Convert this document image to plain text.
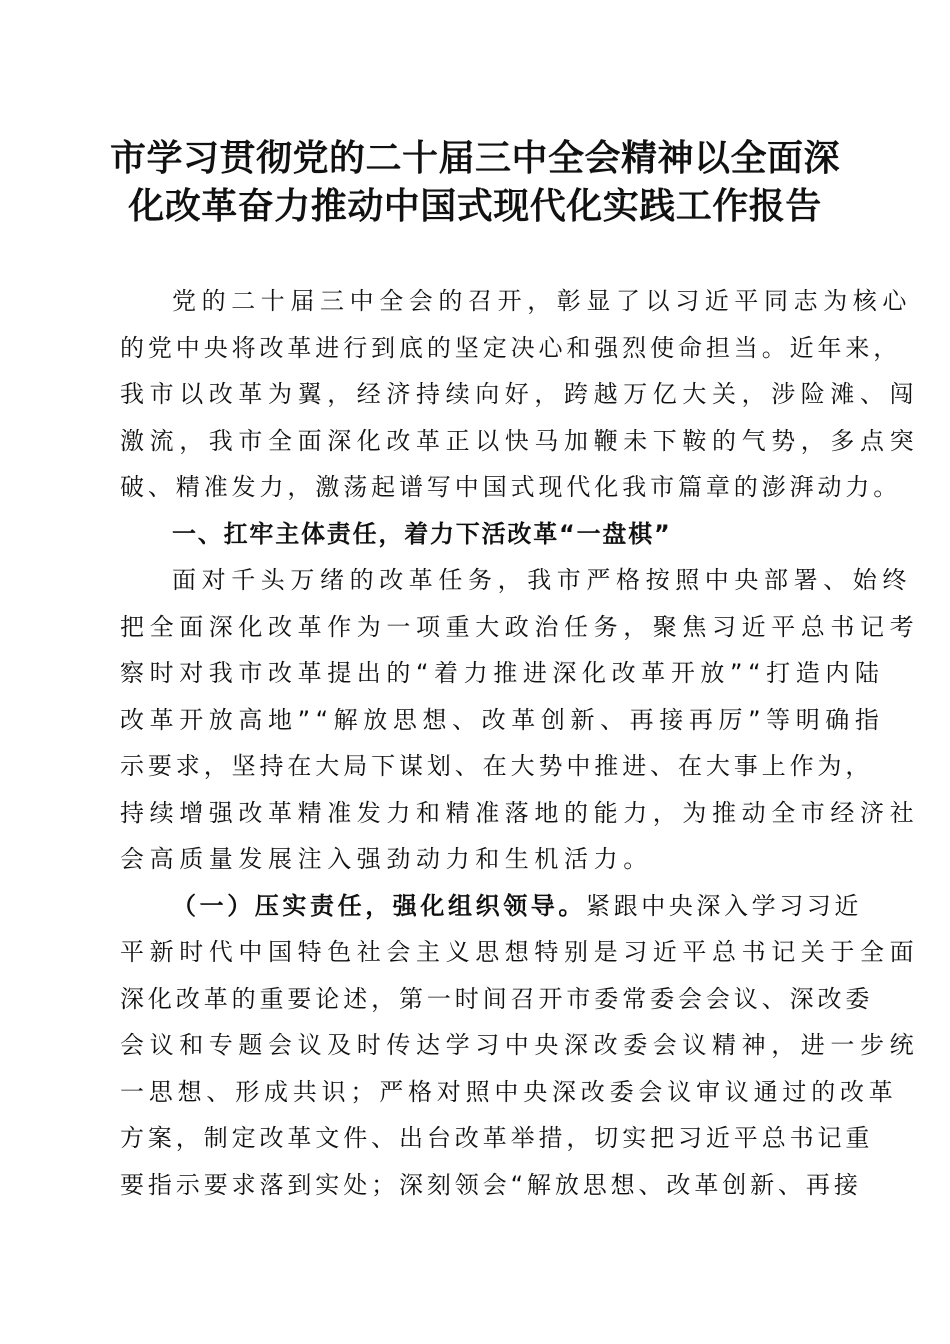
市学习贯彻党的二十届三中全会精神以全面深
化改革奋力推动中国式现代化实践工作报告
党的二十届三中全会的召开，彰显了以习近平同志为核心
的党中央将改革进行到底的坚定决心和强烈使命担当。近年来，
我市以改革为翼，经济持续向好，跨越万亿大关，涉险滩、闯
激流，我市全面深化改革正以快马加鞭未下鞍的气势，多点突
破、精准发力，激荡起谱写中国式现代化我市篇章的澎湃动力。
一、扛牢主体责任，着力下活改革“一盘棋”
面对千头万绪的改革任务，我市严格按照中央部署、始终
把全面深化改革作为一项重大政治任务，聚焦习近平总书记考
察时对我市改革提出的“着力推进深化改革开放”“打造内陆
改革开放高地”“解放思想、改革创新、再接再厉”等明确指
示要求，坚持在大局下谋划、在大势中推进、在大事上作为，
持续增强改革精准发力和精准落地的能力，为推动全市经济社
会高质量发展注入强劲动力和生机活力。
（一）压实责任，强化组织领导。紧跟中央深入学习习近
平新时代中国特色社会主义思想特别是习近平总书记关于全面
深化改革的重要论述，第一时间召开市委常委会会议、深改委
会议和专题会议及时传达学习中央深改委会议精神，进一步统
一思想、形成共识；严格对照中央深改委会议审议通过的改革
方案，制定改革文件、出台改革举措，切实把习近平总书记重
要指示要求落到实处；深刻领会“解放思想、改革创新、再接
